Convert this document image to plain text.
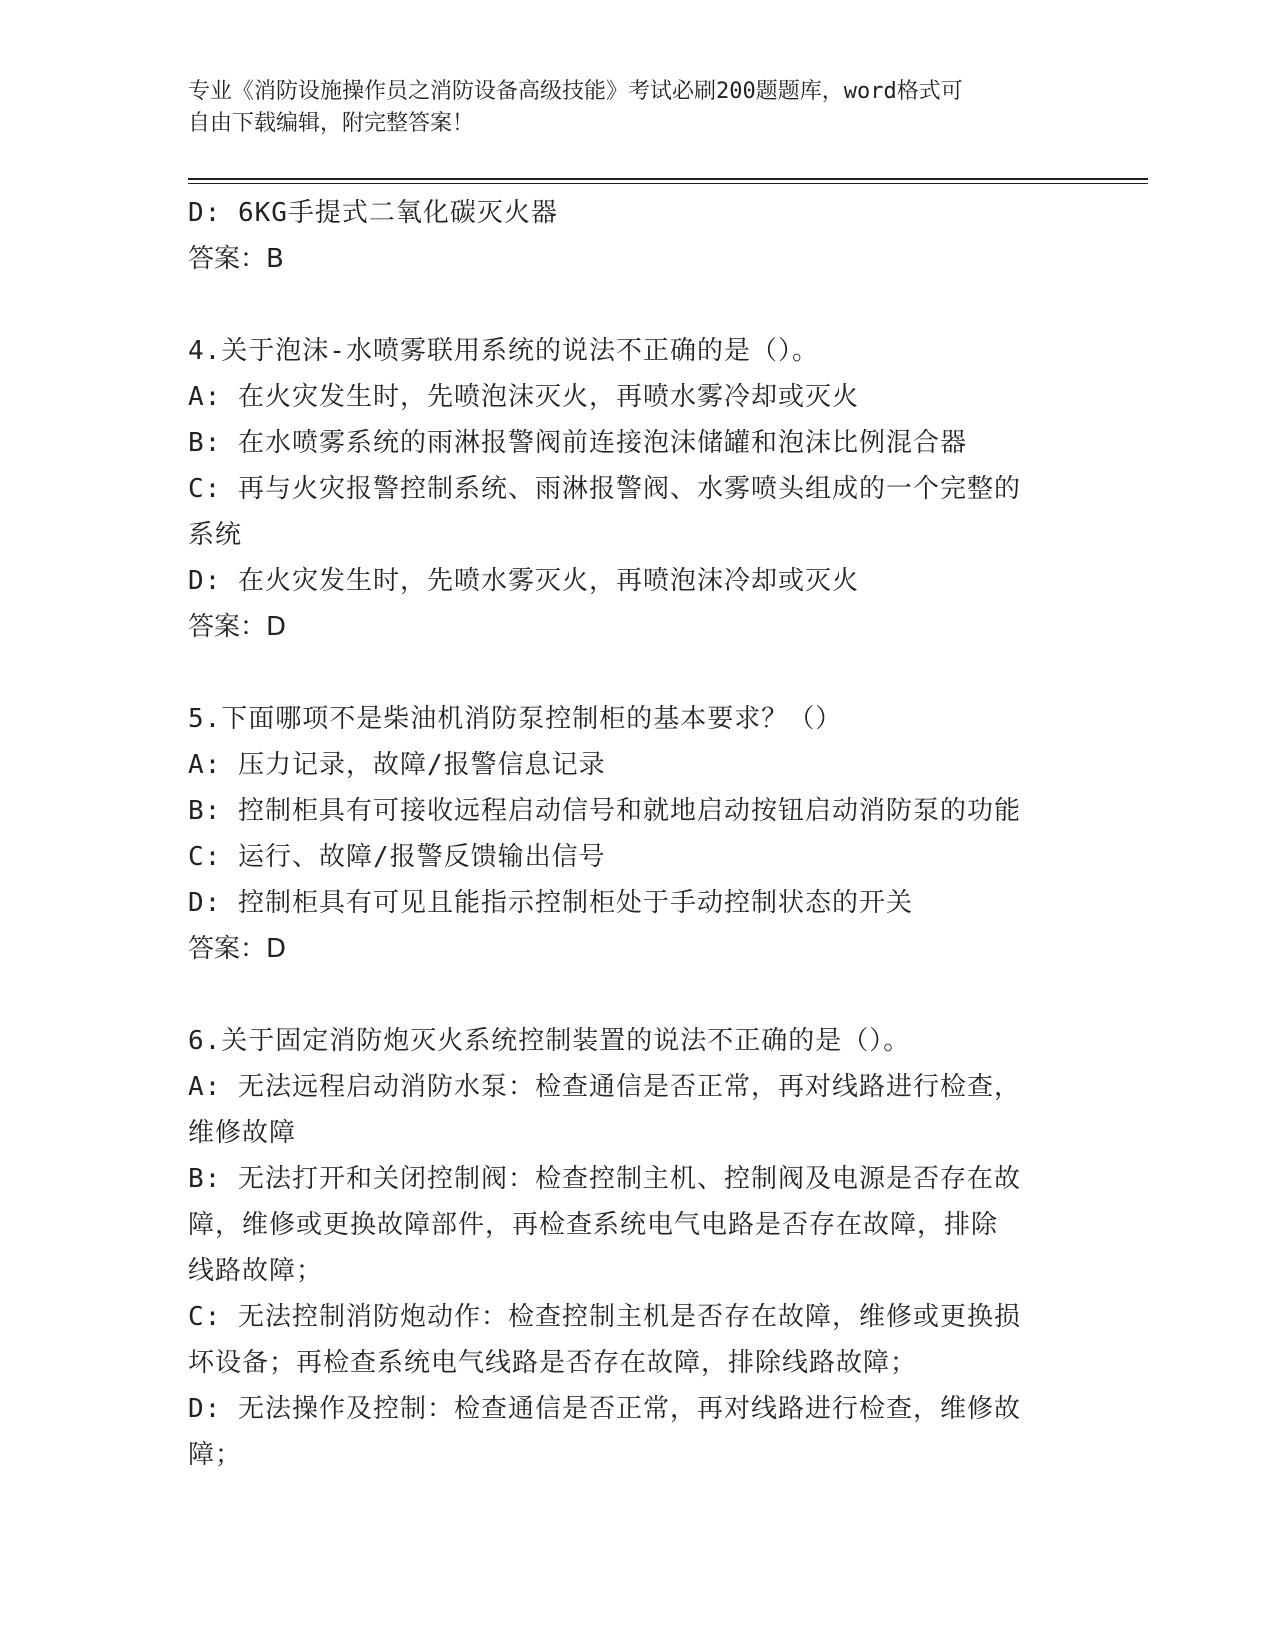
专业《消防设施操作员之消防设备高级技能》考试必刷200题题库，word格式可
自由下载编辑，附完整答案！
D: 6KG手提式二氧化碳灭火器
答案：B
4.关于泡沫-水喷雾联用系统的说法不正确的是（）。
A: 在火灾发生时，先喷泡沫灭火，再喷水雾冷却或灭火
B: 在水喷雾系统的雨淋报警阀前连接泡沫储罐和泡沫比例混合器
C: 再与火灾报警控制系统、雨淋报警阀、水雾喷头组成的一个完整的
系统
D: 在火灾发生时，先喷水雾灭火，再喷泡沫冷却或灭火
答案：D
5.下面哪项不是柴油机消防泵控制柜的基本要求？（）
A: 压力记录，故障/报警信息记录
B: 控制柜具有可接收远程启动信号和就地启动按钮启动消防泵的功能
C: 运行、故障/报警反馈输出信号
D: 控制柜具有可见且能指示控制柜处于手动控制状态的开关
答案：D
6.关于固定消防炮灭火系统控制装置的说法不正确的是（）。
A: 无法远程启动消防水泵：检查通信是否正常，再对线路进行检查，
维修故障
B: 无法打开和关闭控制阀：检查控制主机、控制阀及电源是否存在故
障，维修或更换故障部件，再检查系统电气电路是否存在故障，排除
线路故障；
C: 无法控制消防炮动作：检查控制主机是否存在故障，维修或更换损
坏设备；再检查系统电气线路是否存在故障，排除线路故障；
D: 无法操作及控制：检查通信是否正常，再对线路进行检查，维修故
障；
